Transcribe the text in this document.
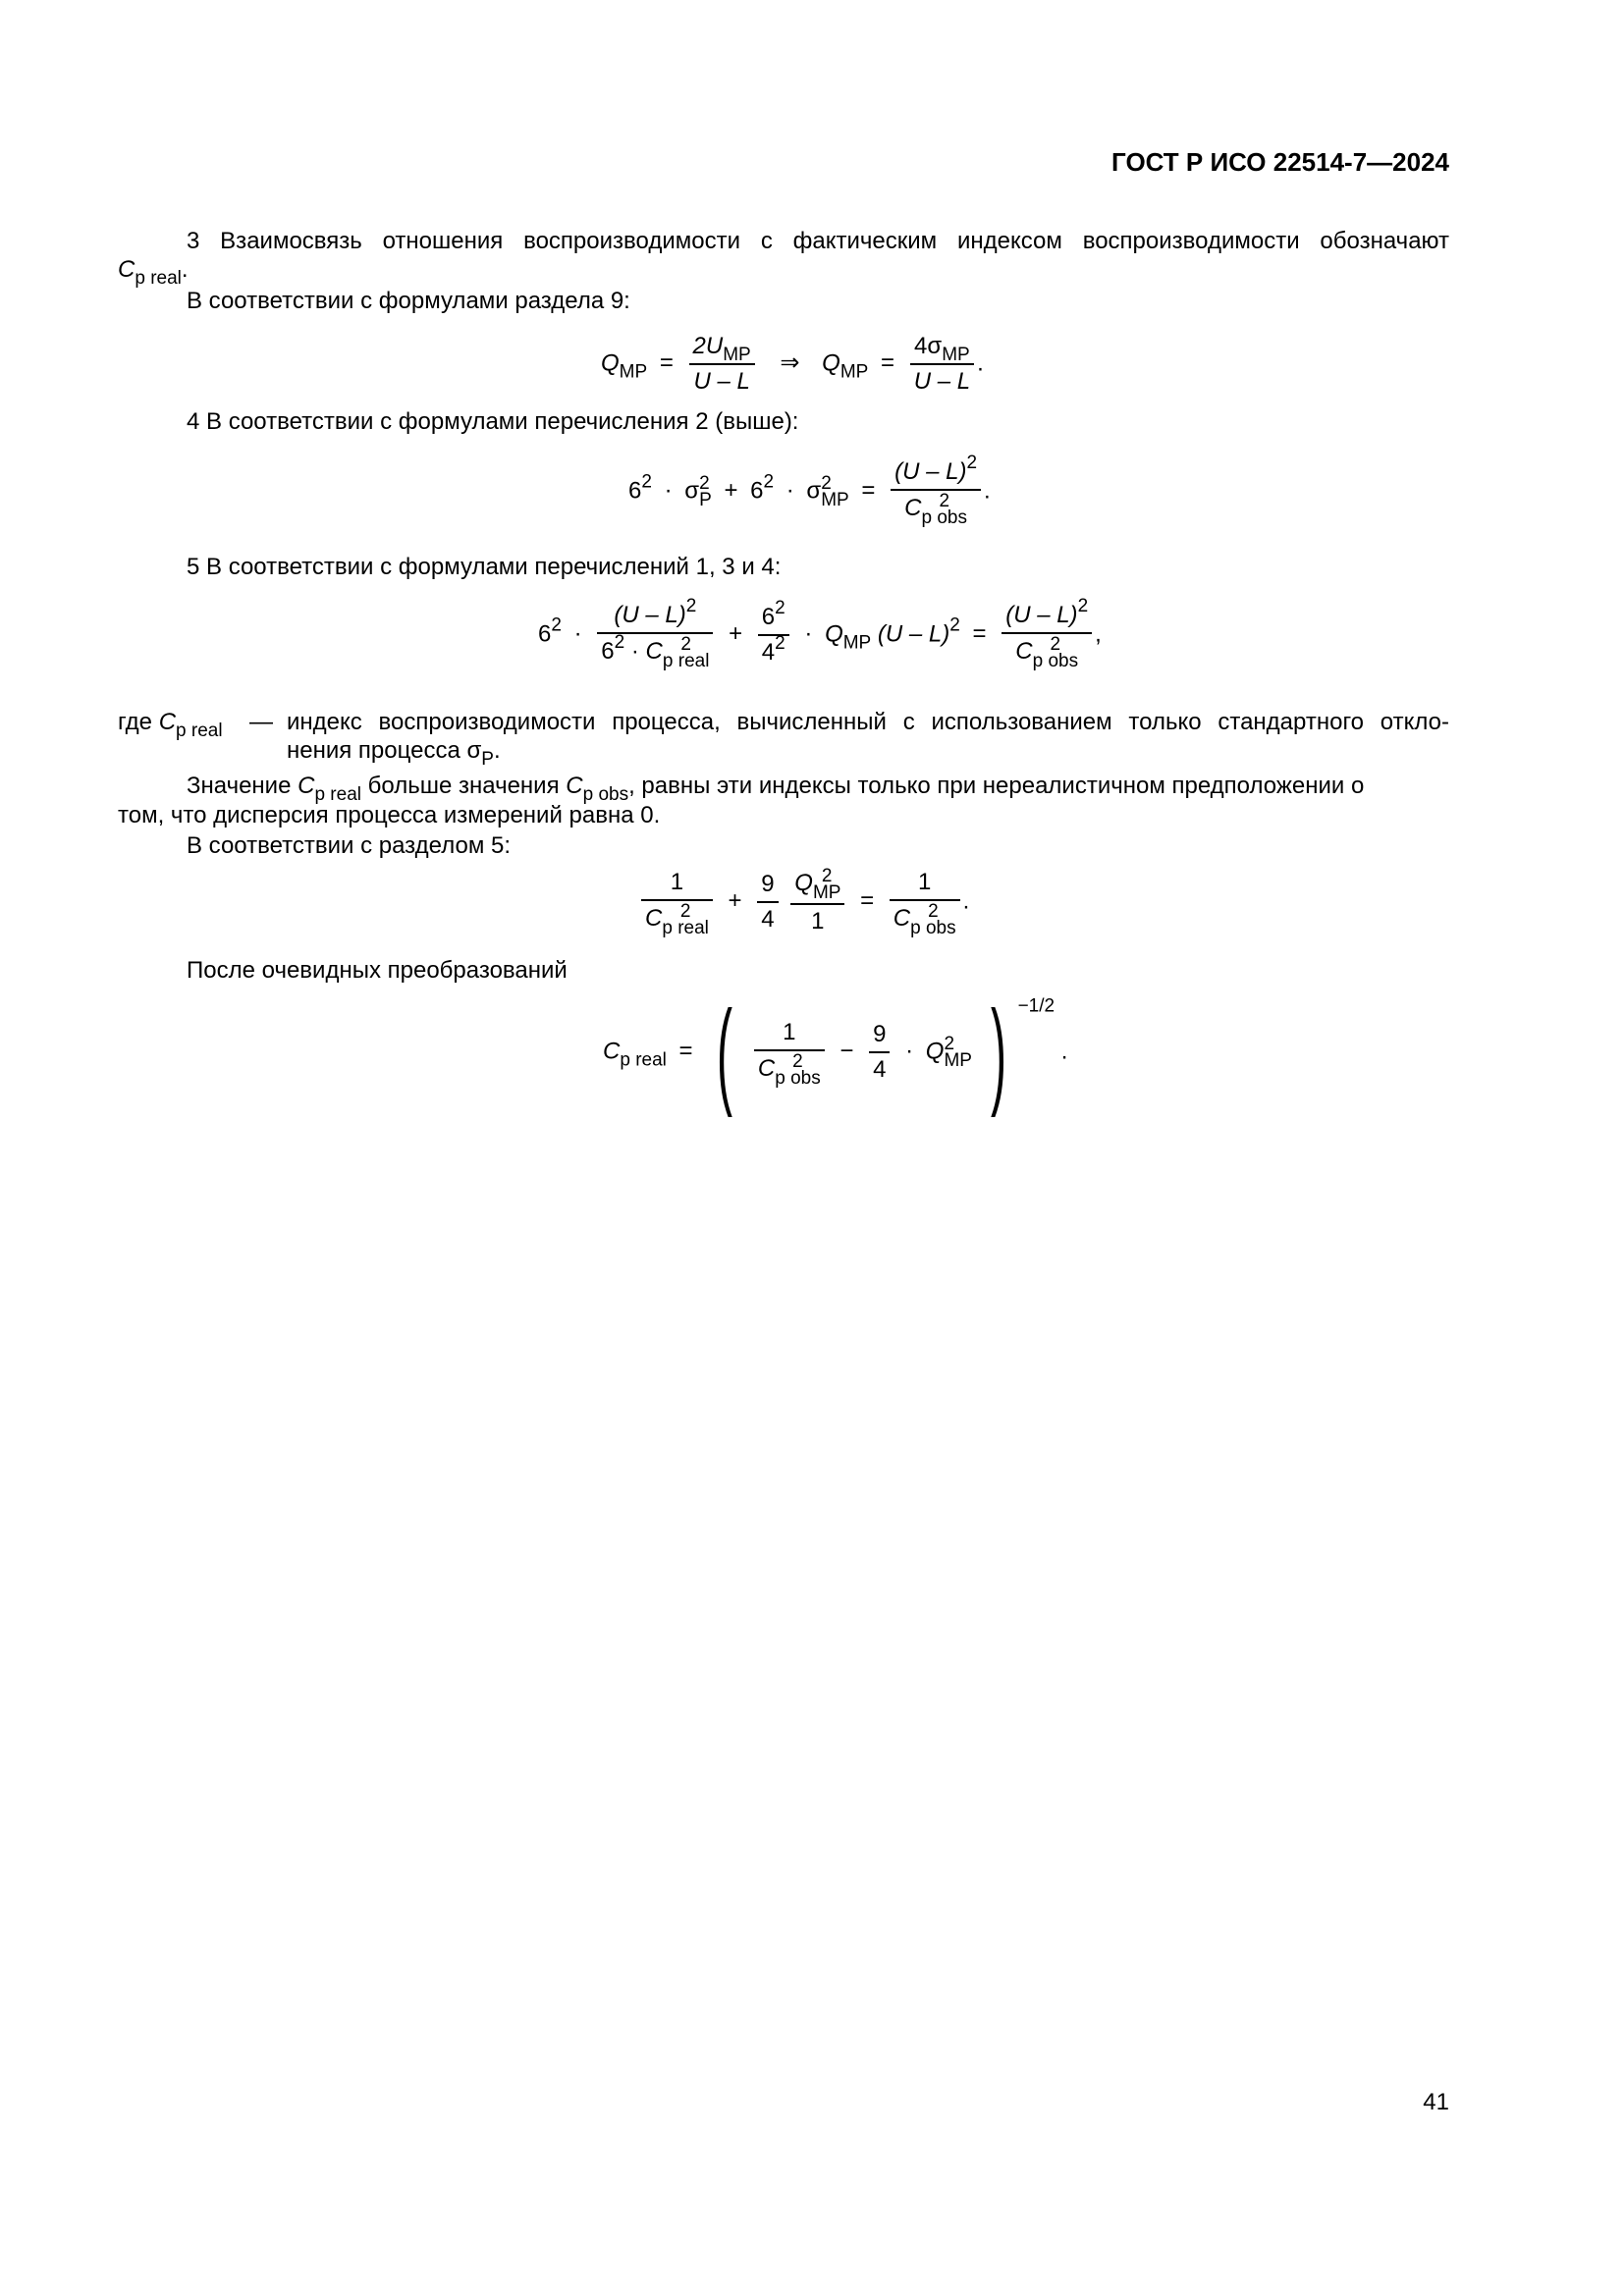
ГОСТ Р ИСО 22514-7—2024

3 Взаимосвязь отношения воспроизводимости с фактическим индексом воспроизводимости обозначают

$C_{p real}$.

В соответствии с формулами раздела 9:

$Q_{MP} = \frac{2U_{MP}}{U - L}$ ⇒ $Q_{MP} = \frac{4\sigma_{MP}}{U - L}$ .

4 В соответствии с формулами перечисления 2 (выше):

$6^2 \cdot \sigma$ 2
$P + 6^2 \cdot \sigma$ 2
MP = (U – L)$^2$
C 2
p obs .

5 В соответствии с формулами перечислений 1, 3 и 4:

$6^2 \cdot (U - L)^2$
$6^2 \cdot C$ 2
p real + $\frac{6^2}{4^2} \cdot Q_{MP}$ (U – L)$^2$ = (U – L)$^2$
C 2
p obs ,

где $C_{p real}$ — индекс воспроизводимости процесса, вычисленный с использованием только стандартного откло-

нения процесса $\sigma_P$.

Значение $C_{p real}$ больше значения $C_{p obs}$, равны эти индексы только при нереалистичном предположении о

том, что дисперсия процесса измерений равна 0.

В соответствии с разделом 5:

1
C 2
p real + $\frac{9}{4}$
Q 2
MP
1 = 1
C 2
p obs .

После очевидных преобразований

$C_{p real}$ = ( 1
C 2
p obs − $\frac{9}{4} \cdot Q$ 2
MP ) $^{-1/2}$ .
41
